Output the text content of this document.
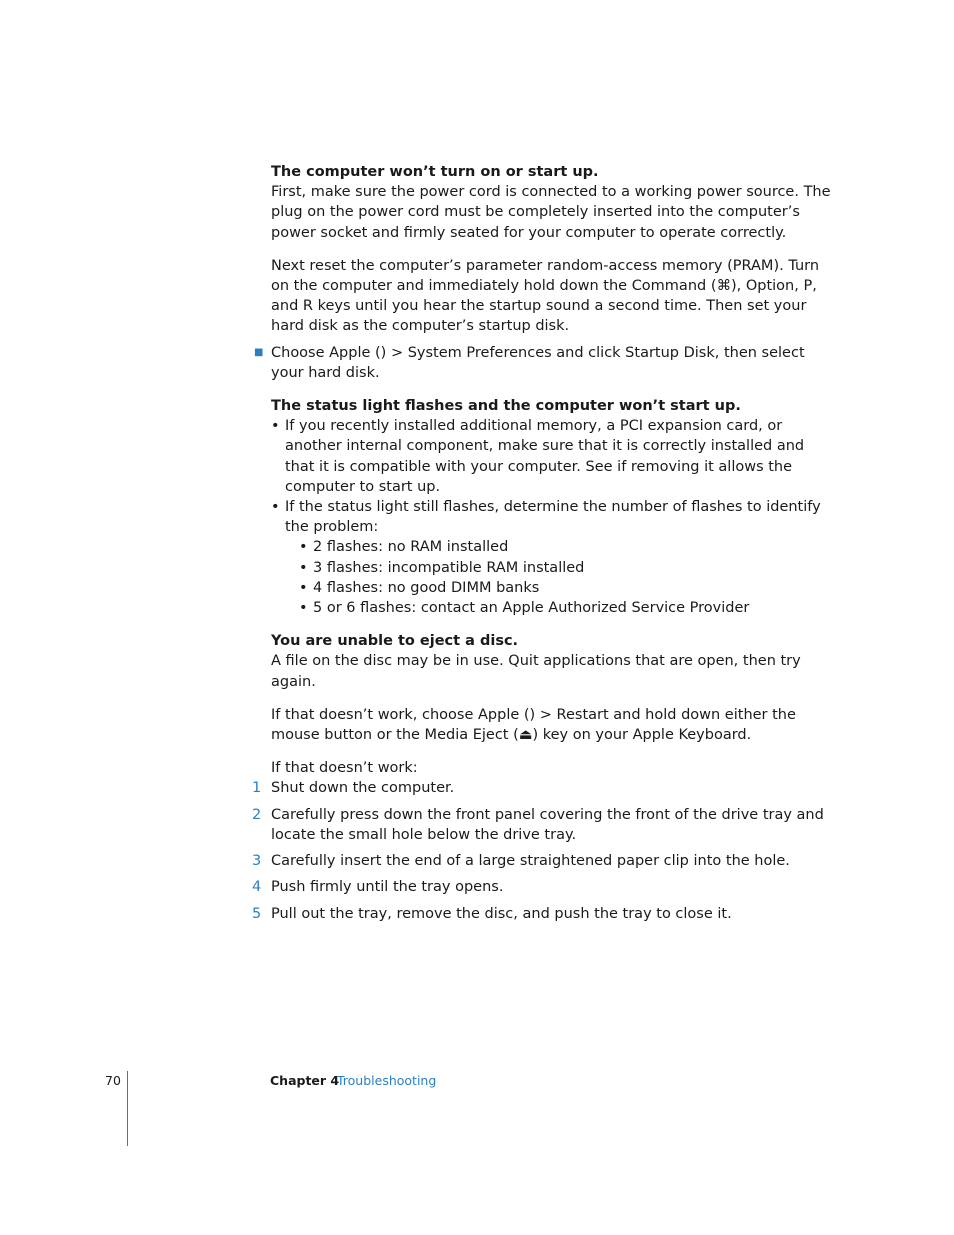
The computer won’t turn on or start up.

First, make sure the power cord is connected to a working power source. The plug on the power cord must be completely inserted into the computer’s power socket and firmly seated for your computer to operate correctly.

Next reset the computer’s parameter random-access memory (PRAM). Turn on the computer and immediately hold down the Command (⌘), Option, P, and R keys until you hear the startup sound a second time. Then set your hard disk as the computer’s startup disk.

■ Choose Apple () > System Preferences and click Startup Disk, then select your hard disk.

The status light flashes and the computer won’t start up.

• If you recently installed additional memory, a PCI expansion card, or another internal component, make sure that it is correctly installed and that it is compatible with your computer. See if removing it allows the computer to start up.
• If the status light still flashes, determine the number of flashes to identify the problem:
• 2 flashes: no RAM installed
• 3 flashes: incompatible RAM installed
• 4 flashes: no good DIMM banks
• 5 or 6 flashes: contact an Apple Authorized Service Provider

You are unable to eject a disc.

A file on the disc may be in use. Quit applications that are open, then try again.

If that doesn’t work, choose Apple () > Restart and hold down either the mouse button or the Media Eject (⏏) key on your Apple Keyboard.

If that doesn’t work:

1 Shut down the computer.

2 Carefully press down the front panel covering the front of the drive tray and locate the small hole below the drive tray.

3 Carefully insert the end of a large straightened paper clip into the hole.

4 Push firmly until the tray opens.

5 Pull out the tray, remove the disc, and push the tray to close it.

70	Chapter 4
Troubleshooting
